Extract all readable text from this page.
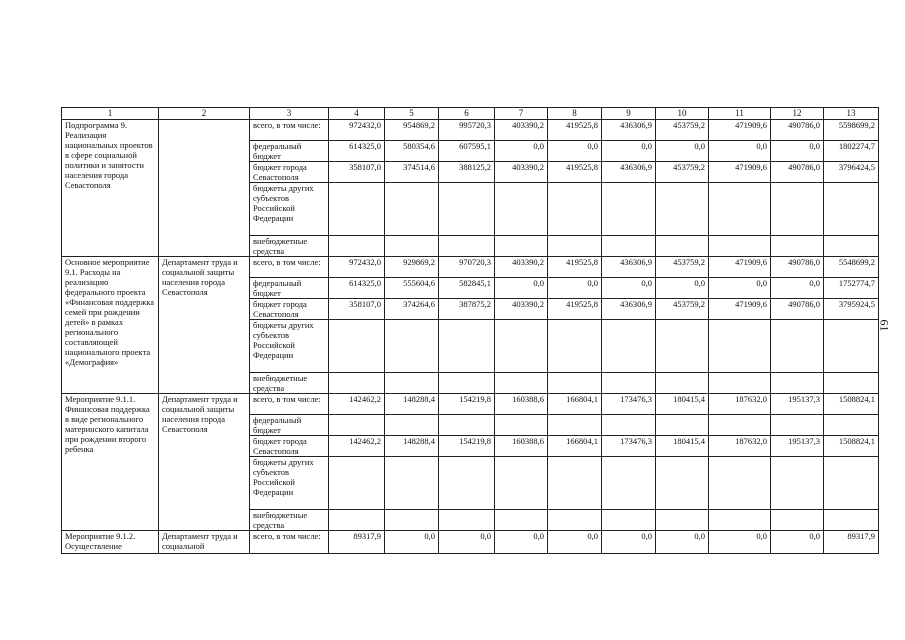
61
1	2	3	4	5	6	7	8	9	10	11	12	13
Подпрограмма 9. Реализация национальных проектов в сфере социальной политики и занятости населения города Севастополя		всего, в том числе:	972432,0	954869,2	995720,3	403390,2	419525,8	436306,9	453759,2	471909,6	490786,0	5598699,2
		федеральный бюджет	614325,0	580354,6	607595,1	0,0	0,0	0,0	0,0	0,0	0,0	1802274,7
		бюджет города Севастополя	358107,0	374514,6	388125,2	403390,2	419525,8	436306,9	453759,2	471909,6	490786,0	3796424,5
		бюджеты других субъектов Российской Федерации										
		внебюджетные средства										
Основное мероприятие 9.1. Расходы на реализацию федерального проекта «Финансовая поддержка семей при рождении детей» в рамках регионального составляющей национального проекта «Демография»	Департамент труда и социальной защиты населения города Севастополя	всего, в том числе:	972432,0	929869,2	970720,3	403390,2	419525,8	436306,9	453759,2	471909,6	490786,0	5548699,2
		федеральный бюджет	614325,0	555604,6	582845,1	0,0	0,0	0,0	0,0	0,0	0,0	1752774,7
		бюджет города Севастополя	358107,0	374264,6	387875,2	403390,2	419525,8	436306,9	453759,2	471909,6	490786,0	3795924,5
		бюджеты других субъектов Российской Федерации										
		внебюджетные средства										
Мероприятие 9.1.1. Финансовая поддержка в виде регионального материнского капитала при рождении второго ребенка	Департамент труда и социальной защиты населения города Севастополя	всего, в том числе:	142462,2	148288,4	154219,8	160388,6	166804,1	173476,3	180415,4	187632,0	195137,3	1508824,1
		федеральный бюджет										
		бюджет города Севастополя	142462,2	148288,4	154219,8	160388,6	166804,1	173476,3	180415,4	187632,0	195137,3	1508824,1
		бюджеты других субъектов Российской Федерации										
		внебюджетные средства										
Мероприятие 9.1.2. Осуществление	Департамент труда и социальной	всего, в том числе:	89317,9	0,0	0,0	0,0	0,0	0,0	0,0	0,0	0,0	89317,9
